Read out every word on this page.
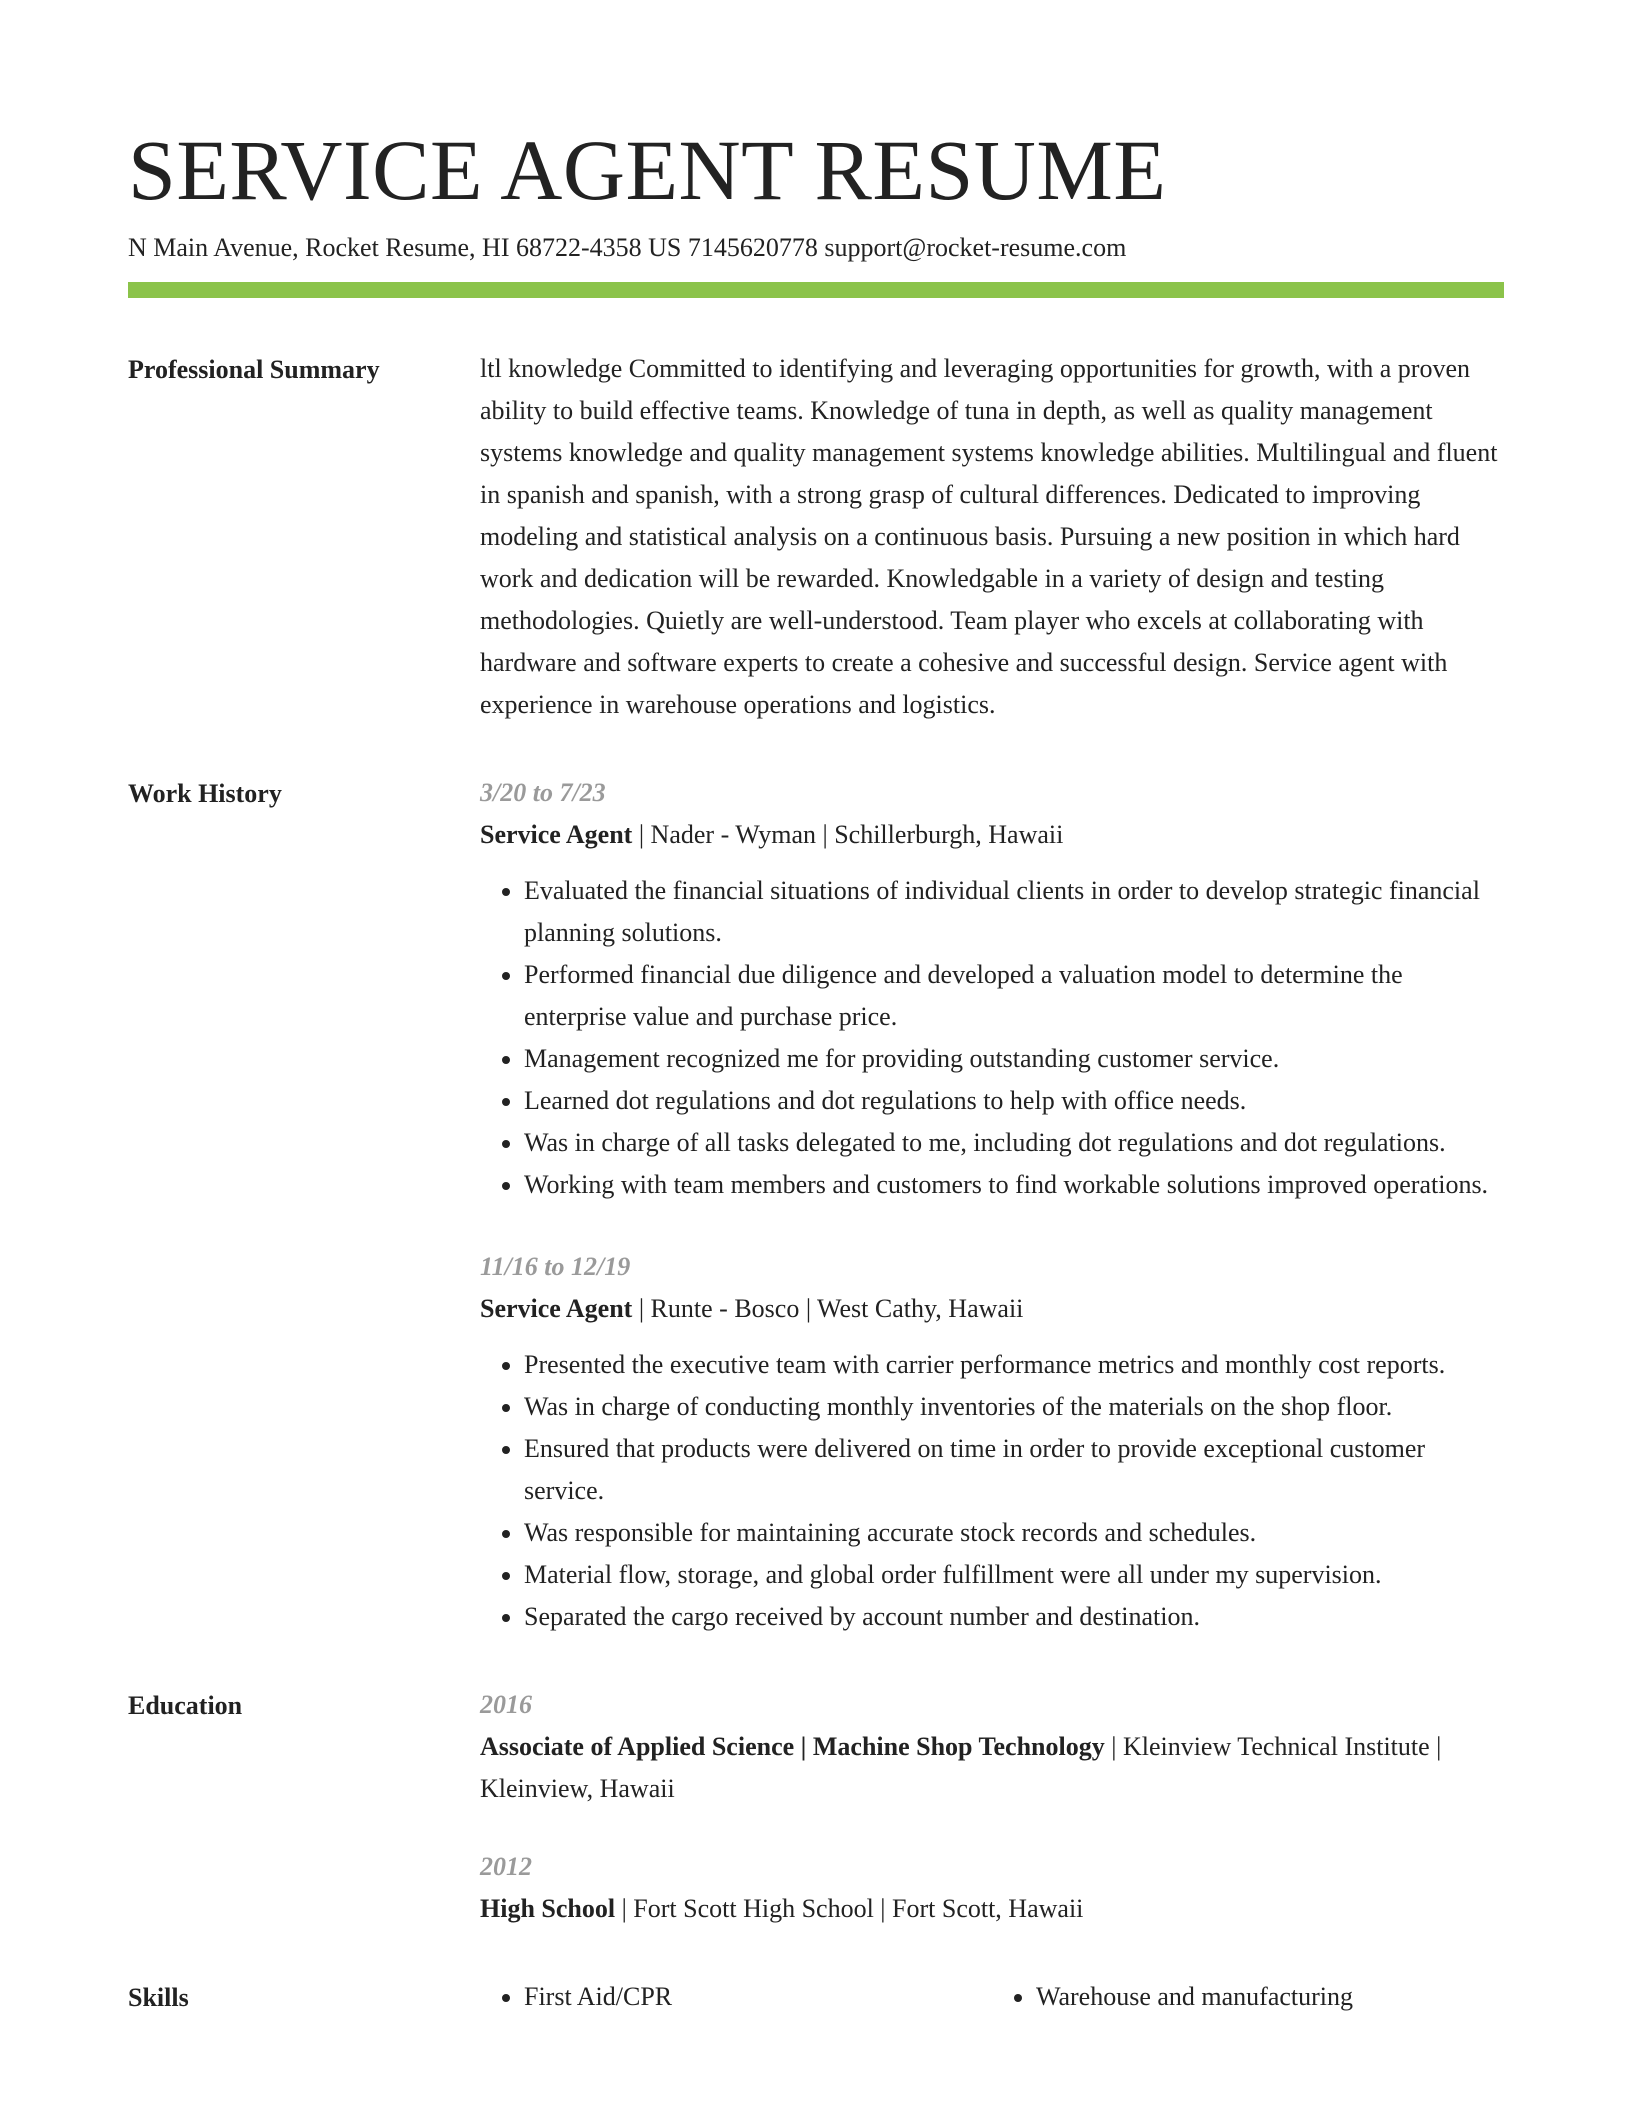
SERVICE AGENT RESUME
N Main Avenue, Rocket Resume, HI 68722-4358 US 7145620778 support@rocket-resume.com
Professional Summary	ltl knowledge Committed to identifying and leveraging opportunities for growth, with a proven ability to build effective teams. Knowledge of tuna in depth, as well as quality management systems knowledge and quality management systems knowledge abilities. Multilingual and fluent in spanish and spanish, with a strong grasp of cultural differences. Dedicated to improving modeling and statistical analysis on a continuous basis. Pursuing a new position in which hard work and dedication will be rewarded. Knowledgable in a variety of design and testing methodologies. Quietly are well-understood. Team player who excels at collaborating with hardware and software experts to create a cohesive and successful design. Service agent with experience in warehouse operations and logistics.

Work History	3/20 to 7/23
Service Agent | Nader - Wyman | Schillerburgh, Hawaii
• Evaluated the financial situations of individual clients in order to develop strategic financial planning solutions.
• Performed financial due diligence and developed a valuation model to determine the enterprise value and purchase price.
• Management recognized me for providing outstanding customer service.
• Learned dot regulations and dot regulations to help with office needs.
• Was in charge of all tasks delegated to me, including dot regulations and dot regulations.
• Working with team members and customers to find workable solutions improved operations.
11/16 to 12/19
Service Agent | Runte - Bosco | West Cathy, Hawaii
• Presented the executive team with carrier performance metrics and monthly cost reports.
• Was in charge of conducting monthly inventories of the materials on the shop floor.
• Ensured that products were delivered on time in order to provide exceptional customer service.
• Was responsible for maintaining accurate stock records and schedules.
• Material flow, storage, and global order fulfillment were all under my supervision.
• Separated the cargo received by account number and destination.
Education	2016
Associate of Applied Science | Machine Shop Technology | Kleinview Technical Institute | Kleinview, Hawaii
2012
High School | Fort Scott High School | Fort Scott, Hawaii
Skills	• First Aid/CPR	• Warehouse and manufacturing
